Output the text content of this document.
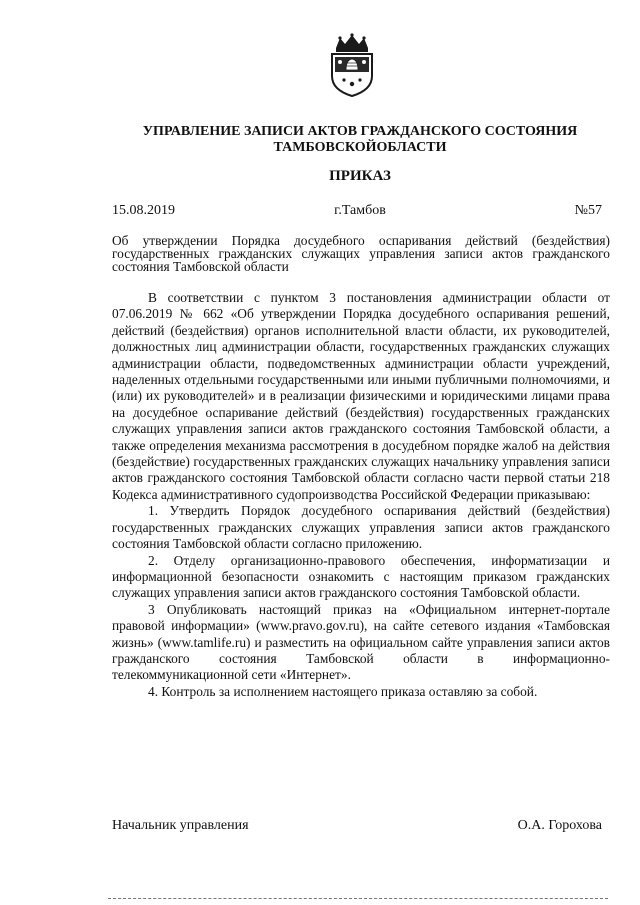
УПРАВЛЕНИЕ ЗАПИСИ АКТОВ ГРАЖДАНСКОГО СОСТОЯНИЯ
ТАМБОВСКОЙОБЛАСТИ
ПРИКАЗ
15.08.2019	г.Тамбов	№57
Об утверждении Порядка досудебного оспаривания действий (бездействия) государственных гражданских служащих управления записи актов гражданского состояния Тамбовской области

В соответствии с пунктом 3 постановления администрации области от 07.06.2019 № 662 «Об утверждении Порядка досудебного оспаривания решений, действий (бездействия) органов исполнительной власти области, их руководителей, должностных лиц администрации области, государственных гражданских служащих администрации области, подведомственных администрации области учреждений, наделенных отдельными государственными или иными публичными полномочиями, и (или) их руководителей» и в реализации физическими и юридическими лицами права на досудебное оспаривание действий (бездействия) государственных гражданских служащих управления записи актов гражданского состояния Тамбовской области, а также определения механизма рассмотрения в досудебном порядке жалоб на действия (бездействие) государственных гражданских служащих начальнику управления записи актов гражданского состояния Тамбовской области согласно части первой статьи 218 Кодекса административного судопроизводства Российской Федерации приказываю:

1. Утвердить Порядок досудебного оспаривания действий (бездействия) государственных гражданских служащих управления записи актов гражданского состояния Тамбовской области согласно приложению.

2. Отделу организационно-правового обеспечения, информатизации и информационной безопасности ознакомить с настоящим приказом гражданских служащих управления записи актов гражданского состояния Тамбовской области.

3 Опубликовать настоящий приказ на «Официальном интернет-портале правовой информации» (www.pravo.gov.ru), на сайте сетевого издания «Тамбовская жизнь» (www.tamlife.ru) и разместить на официальном сайте управления записи актов гражданского состояния Тамбовской области в информационно-телекоммуникационной сети «Интернет».

4. Контроль за исполнением настоящего приказа оставляю за собой.

Начальник управления	О.А. Горохова
